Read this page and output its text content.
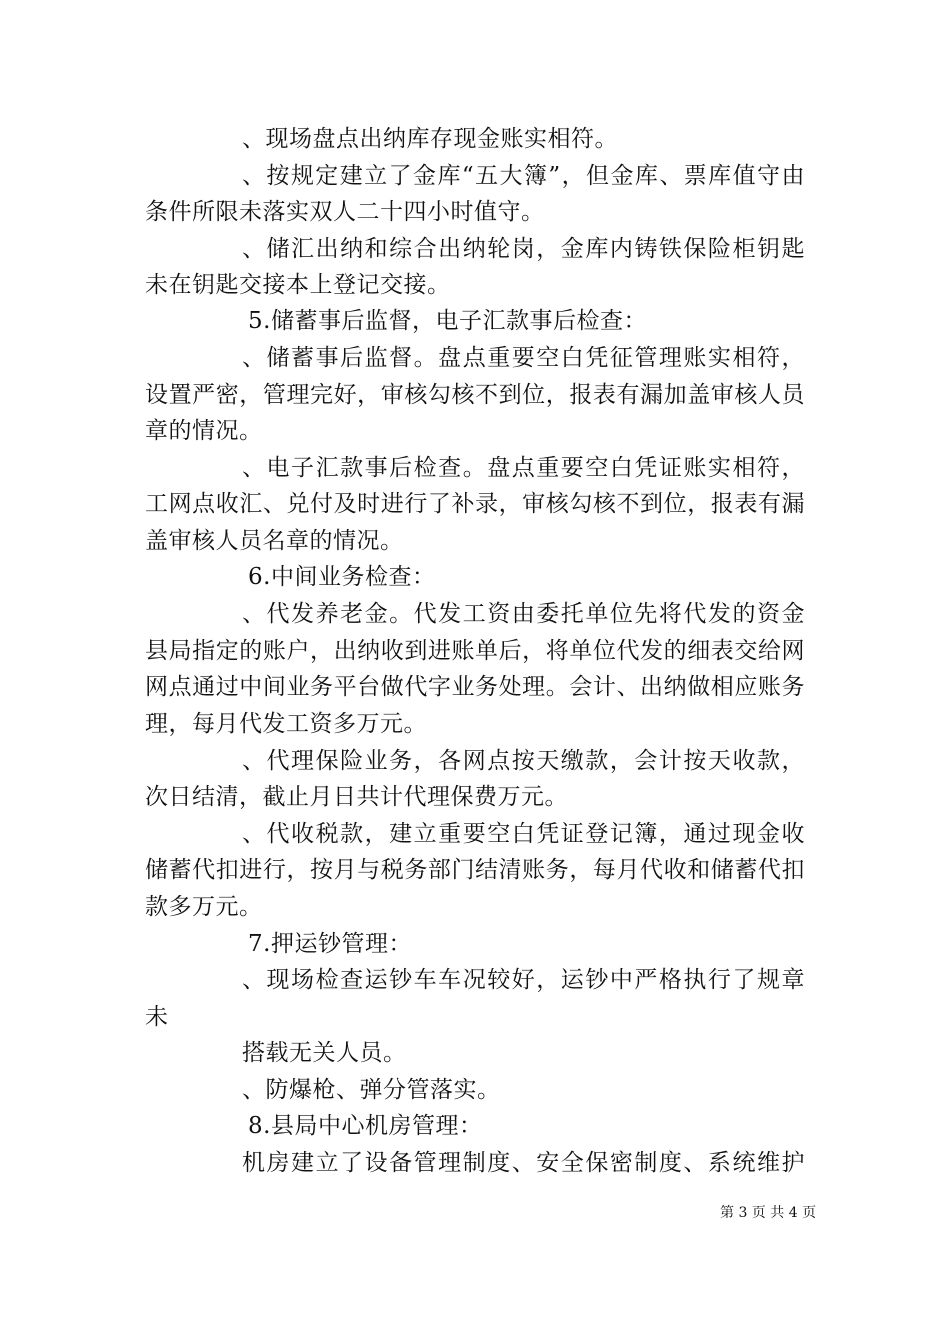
、现场盘点出纳库存现金账实相符。
、按规定建立了金库“五大簿”，但金库、票库值守由
条件所限未落实双人二十四小时值守。
、储汇出纳和综合出纳轮岗，金库内铸铁保险柜钥匙
未在钥匙交接本上登记交接。
5.储蓄事后监督，电子汇款事后检查：
、储蓄事后监督。盘点重要空白凭征管理账实相符，
设置严密，管理完好，审核勾核不到位，报表有漏加盖审核人员
章的情况。
、电子汇款事后检查。盘点重要空白凭证账实相符，
工网点收汇、兑付及时进行了补录，审核勾核不到位，报表有漏
盖审核人员名章的情况。
6.中间业务检查：
、代发养老金。代发工资由委托单位先将代发的资金
县局指定的账户，出纳收到进账单后，将单位代发的细表交给网
网点通过中间业务平台做代字业务处理。会计、出纳做相应账务
理，每月代发工资多万元。
、代理保险业务，各网点按天缴款，会计按天收款，
次日结清，截止月日共计代理保费万元。
、代收税款，建立重要空白凭证登记簿，通过现金收
储蓄代扣进行，按月与税务部门结清账务，每月代收和储蓄代扣
款多万元。
7.押运钞管理：
、现场检查运钞车车况较好，运钞中严格执行了规章
未
搭载无关人员。
、防爆枪、弹分管落实。
8.县局中心机房管理：
机房建立了设备管理制度、安全保密制度、系统维护
第 3 页 共 4 页
